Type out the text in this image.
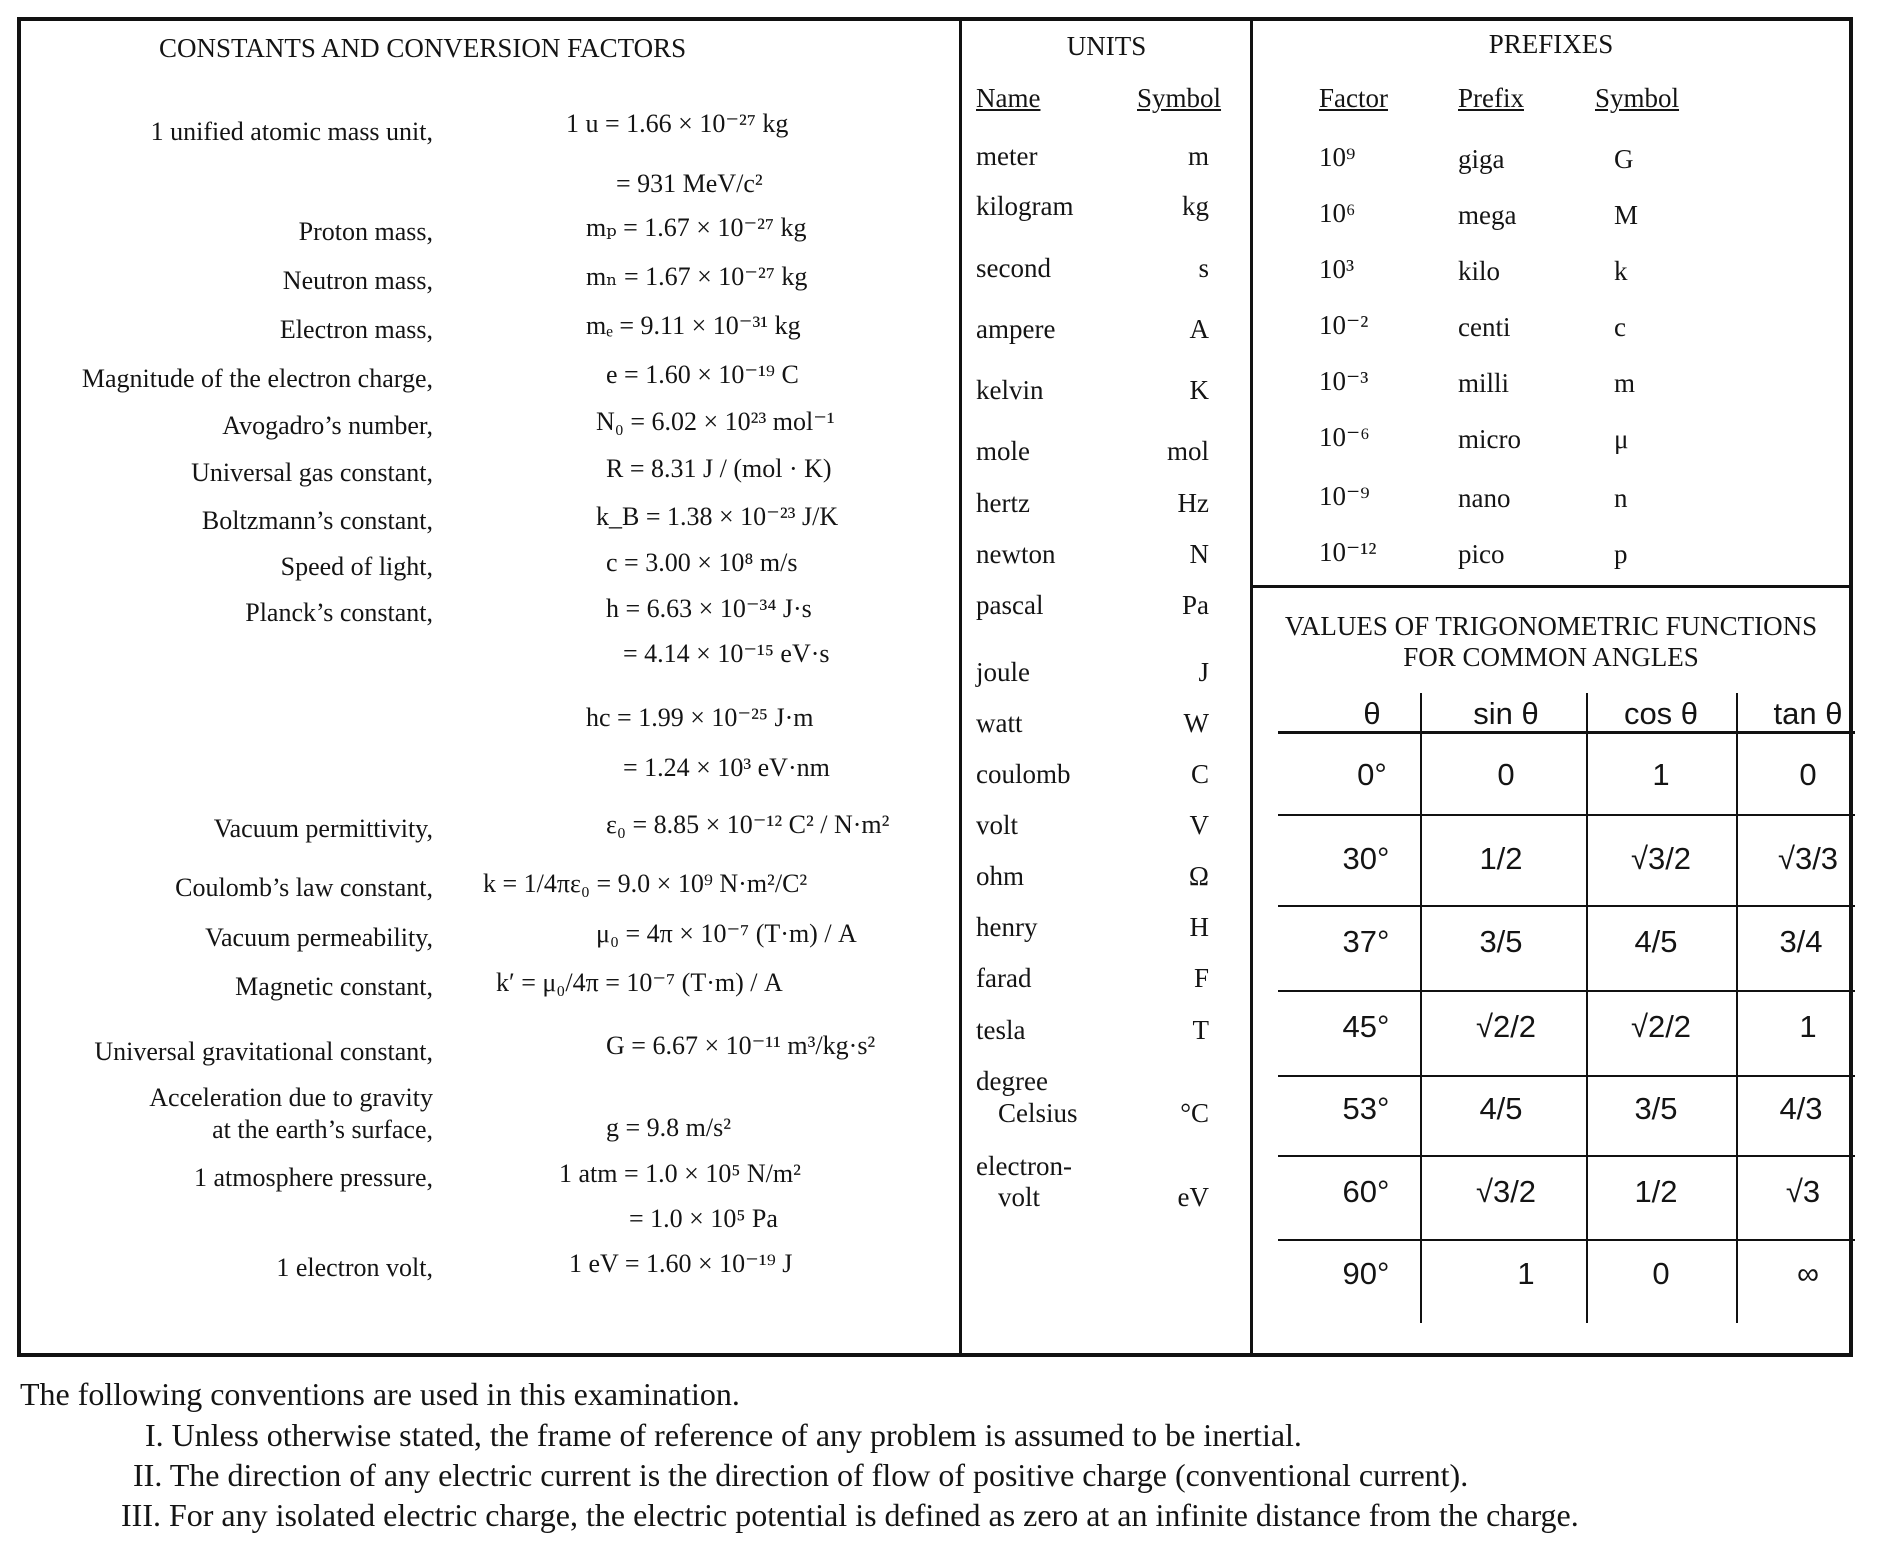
CONSTANTS AND CONVERSION FACTORS
1 unified atomic mass unit,	1 u = 1.66 × 10⁻²⁷ kg
= 931 MeV/c²
Proton mass,	mₚ = 1.67 × 10⁻²⁷ kg
Neutron mass,	mₙ = 1.67 × 10⁻²⁷ kg
Electron mass,	mₑ = 9.11 × 10⁻³¹ kg
Magnitude of the electron charge,	e = 1.60 × 10⁻¹⁹ C
Avogadro’s number,	N₀ = 6.02 × 10²³ mol⁻¹
Universal gas constant,	R = 8.31 J / (mol · K)
Boltzmann’s constant,	k_B = 1.38 × 10⁻²³ J/K
Speed of light,	c = 3.00 × 10⁸ m/s
Planck’s constant,	h = 6.63 × 10⁻³⁴ J·s
= 4.14 × 10⁻¹⁵ eV·s
hc = 1.99 × 10⁻²⁵ J·m
= 1.24 × 10³ eV·nm
Vacuum permittivity,	ε₀ = 8.85 × 10⁻¹² C² / N·m²
Coulomb’s law constant, k = 1/4πε₀ = 9.0 × 10⁹ N·m²/C²
Vacuum permeability,	μ₀ = 4π × 10⁻⁷ (T·m) / A
Magnetic constant, k′ = μ₀/4π = 10⁻⁷ (T·m) / A
Universal gravitational constant,	G = 6.67 × 10⁻¹¹ m³/kg·s²
Acceleration due to gravity
at the earth’s surface,	g = 9.8 m/s²
1 atmosphere pressure,	1 atm = 1.0 × 10⁵ N/m²
= 1.0 × 10⁵ Pa
1 electron volt,	1 eV = 1.60 × 10⁻¹⁹ J
UNITS
Name	Symbol
meter	m
kilogram	kg
second	s
ampere	A
kelvin	K
mole	mol
hertz	Hz
newton	N
pascal	Pa
joule	J
watt	W
coulomb	C
volt	V
ohm	Ω
henry	H
farad	F
tesla	T
degree
Celsius	°C
electron-
volt	eV
PREFIXES
Factor	Prefix	Symbol
10⁹	giga	G
10⁶	mega	M
10³	kilo	k
10⁻²	centi	c
10⁻³	milli	m
10⁻⁶	micro	μ
10⁻⁹	nano	n
10⁻¹²	pico	p
VALUES OF TRIGONOMETRIC FUNCTIONS
FOR COMMON ANGLES
θ	sin θ	cos θ	tan θ
0°	0	1	0
30°	1/2	√3/2	√3/3
37°	3/5	4/5	3/4
45°	√2/2	√2/2	1
53°	4/5	3/5	4/3
60°	√3/2	1/2	√3
90°	1	0	∞
The following conventions are used in this examination.
I. Unless otherwise stated, the frame of reference of any problem is assumed to be inertial.
II. The direction of any electric current is the direction of flow of positive charge (conventional current).
III. For any isolated electric charge, the electric potential is defined as zero at an infinite distance from the charge.
